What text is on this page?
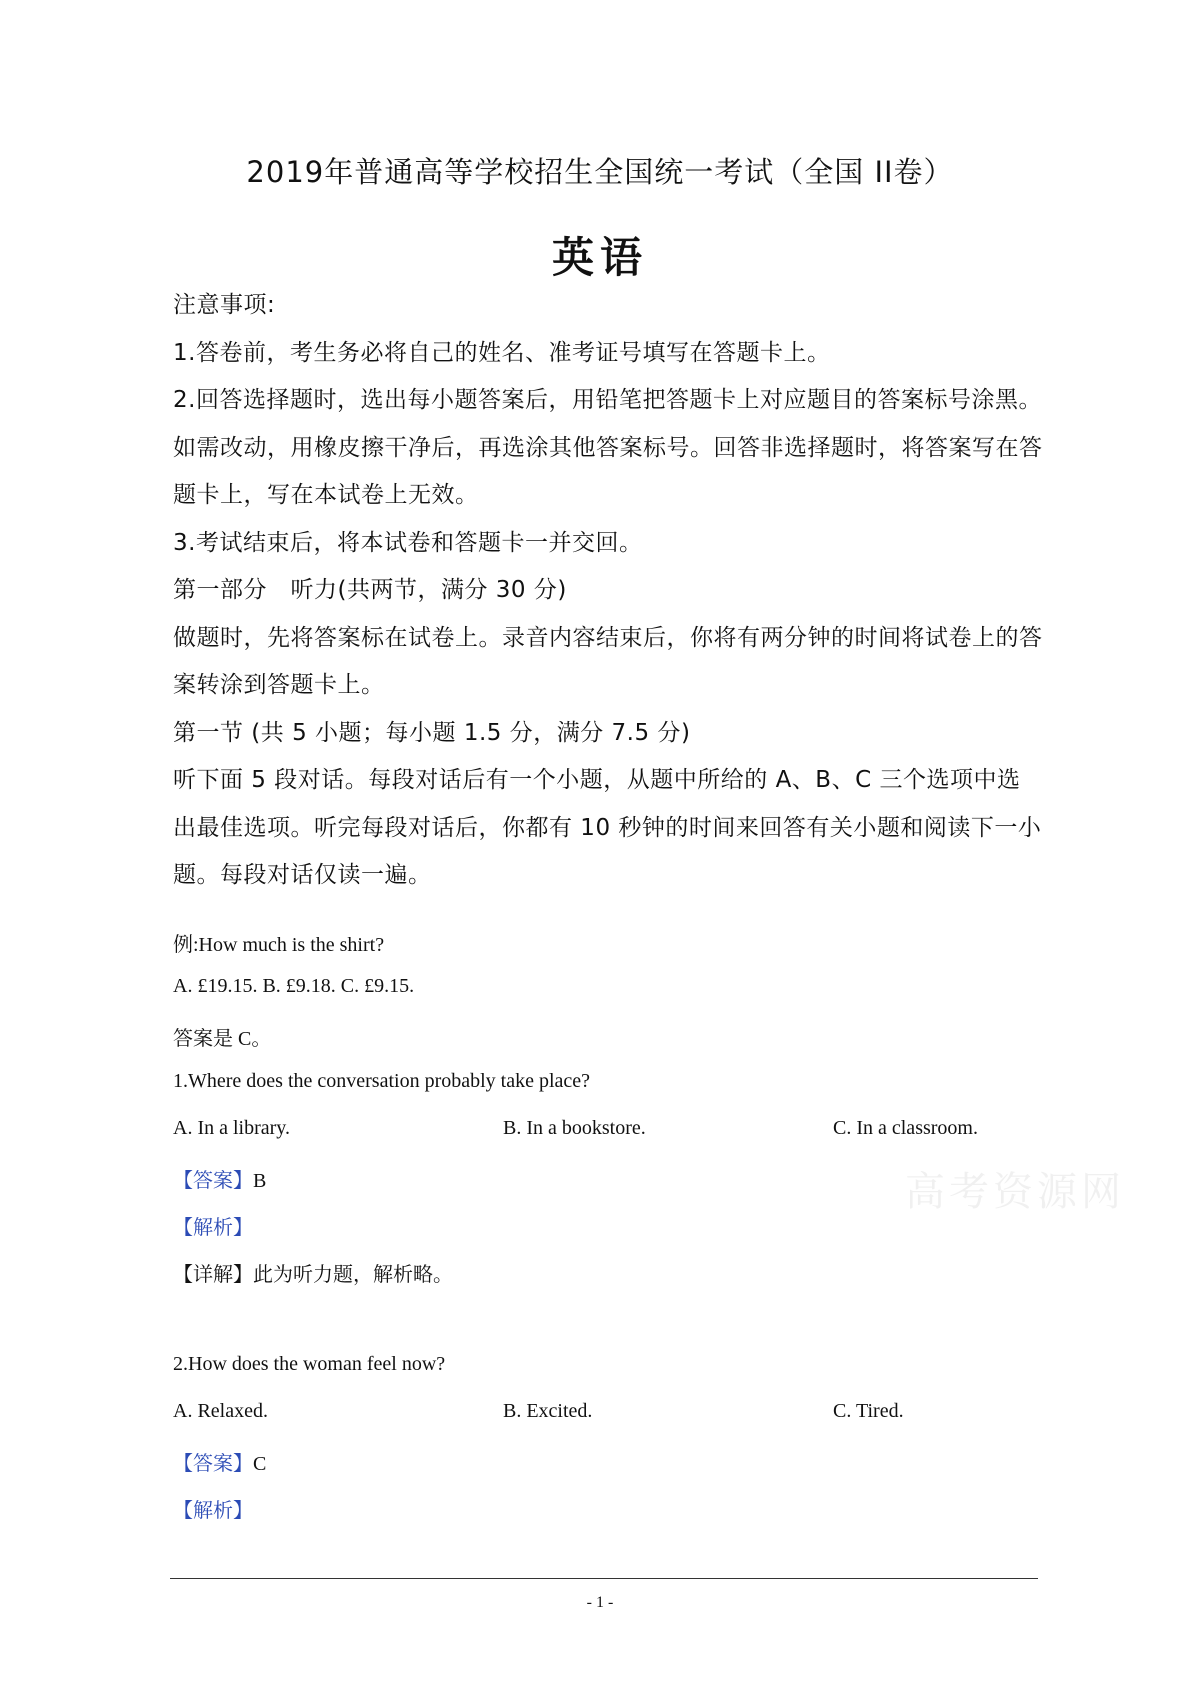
2019年普通高等学校招生全国统一考试（全国 II卷）
英语

注意事项:

1.答卷前，考生务必将自己的姓名、准考证号填写在答题卡上。

2.回答选择题时，选出每小题答案后，用铅笔把答题卡上对应题目的答案标号涂黑。如需改动，用橡皮擦干净后，再选涂其他答案标号。回答非选择题时，将答案写在答题卡上，写在本试卷上无效。

3.考试结束后，将本试卷和答题卡一并交回。

第一部分　听力(共两节，满分 30 分)

做题时，先将答案标在试卷上。录音内容结束后，你将有两分钟的时间将试卷上的答案转涂到答题卡上。

第一节 (共 5 小题；每小题 1.5 分，满分 7.5 分)

听下面 5 段对话。每段对话后有一个小题，从题中所给的 A、B、C 三个选项中选出最佳选项。听完每段对话后，你都有 10 秒钟的时间来回答有关小题和阅读下一小题。每段对话仅读一遍。

例:How much is the shirt?
A. £19.15. B. £9.18. C. £9.15.
答案是 C。
1.Where does the conversation probably take place?
A. In a library.	B. In a bookstore.	C. In a classroom.
【答案】B
【解析】
【详解】此为听力题，解析略。
2.How does the woman feel now?
A. Relaxed.	B. Excited.	C. Tired.
【答案】C
【解析】
高考资源网
- 1 -
